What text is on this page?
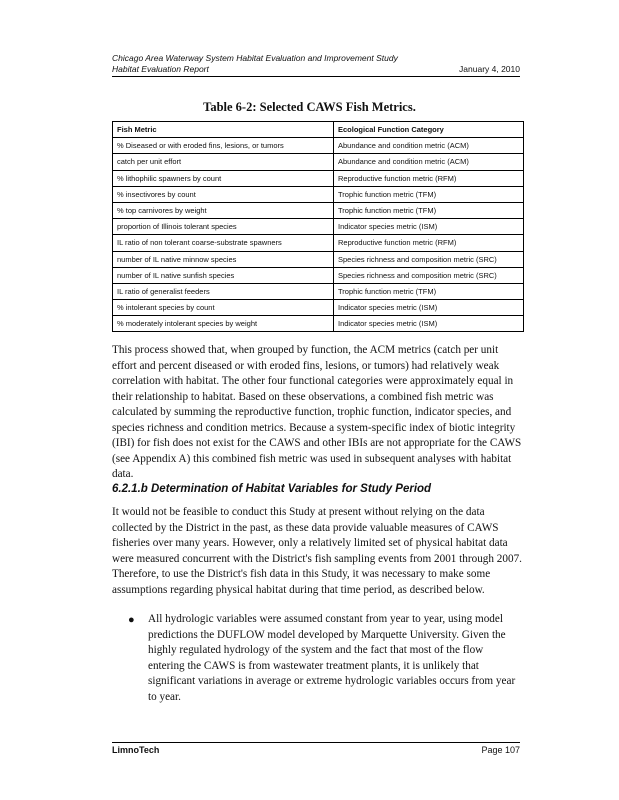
Chicago Area Waterway System Habitat Evaluation and Improvement Study
Habitat Evaluation Report	January 4, 2010
Table 6-2: Selected CAWS Fish Metrics.
Fish Metric	Ecological Function Category
% Diseased or with eroded fins, lesions, or tumors	Abundance and condition metric (ACM)
catch per unit effort	Abundance and condition metric (ACM)
% lithophilic spawners by count	Reproductive function metric (RFM)
% insectivores by count	Trophic function metric (TFM)
% top carnivores by weight	Trophic function metric (TFM)
proportion of Illinois tolerant species	Indicator species metric (ISM)
IL ratio of non tolerant coarse-substrate spawners	Reproductive function metric (RFM)
number of IL native minnow species	Species richness and composition metric (SRC)
number of IL native sunfish species	Species richness and composition metric (SRC)
IL ratio of generalist feeders	Trophic function metric (TFM)
% intolerant species by count	Indicator species metric (ISM)
% moderately intolerant species by weight	Indicator species metric (ISM)
This process showed that, when grouped by function, the ACM metrics (catch per unit effort and percent diseased or with eroded fins, lesions, or tumors) had relatively weak correlation with habitat. The other four functional categories were approximately equal in their relationship to habitat. Based on these observations, a combined fish metric was calculated by summing the reproductive function, trophic function, indicator species, and species richness and condition metrics. Because a system-specific index of biotic integrity (IBI) for fish does not exist for the CAWS and other IBIs are not appropriate for the CAWS (see Appendix A) this combined fish metric was used in subsequent analyses with habitat data.
6.2.1.b Determination of Habitat Variables for Study Period
It would not be feasible to conduct this Study at present without relying on the data collected by the District in the past, as these data provide valuable measures of CAWS fisheries over many years. However, only a relatively limited set of physical habitat data were measured concurrent with the District's fish sampling events from 2001 through 2007. Therefore, to use the District's fish data in this Study, it was necessary to make some assumptions regarding physical habitat during that time period, as described below.
● All hydrologic variables were assumed constant from year to year, using model predictions the DUFLOW model developed by Marquette University. Given the highly regulated hydrology of the system and the fact that most of the flow entering the CAWS is from wastewater treatment plants, it is unlikely that significant variations in average or extreme hydrologic variables occurs from year to year.
LimnoTech	Page 107
